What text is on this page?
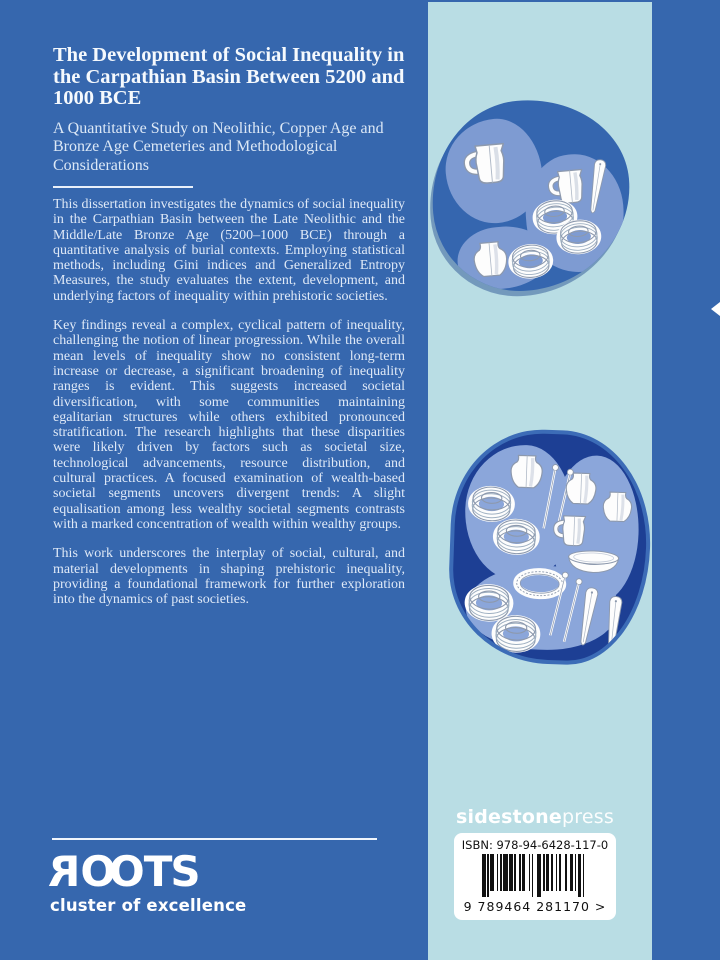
The Development of Social Inequality in the Carpathian Basin Between 5200 and 1000 BCE
A Quantitative Study on Neolithic, Copper Age and Bronze Age Cemeteries and Methodological Considerations

This dissertation investigates the dynamics of social inequality in the Carpathian Basin between the Late Neolithic and the Middle/Late Bronze Age (5200–1000 BCE) through a quantitative analysis of burial contexts. Employing statistical methods, including Gini indices and Generalized Entropy Measures, the study evaluates the extent, development, and underlying factors of inequality within prehistoric societies.

Key findings reveal a complex, cyclical pattern of inequality, challenging the notion of linear progression. While the overall mean levels of inequality show no consistent long-term increase or decrease, a significant broadening of inequality ranges is evident. This suggests increased societal diversification, with some communities maintaining egalitarian structures while others exhibited pronounced stratification. The research highlights that these disparities were likely driven by factors such as societal size, technological advancements, resource distribution, and cultural practices. A focused examination of wealth-based societal segments uncovers divergent trends: A slight equalisation among less wealthy societal segments contrasts with a marked concentration of wealth within wealthy groups.

This work underscores the interplay of social, cultural, and material developments in shaping prehistoric inequality, providing a foundational framework for further exploration into the dynamics of past societies.

ROO TS
cluster of excellence
sidestonepress
ISBN: 978-94-6428-117-0
9 789464 281170 >
